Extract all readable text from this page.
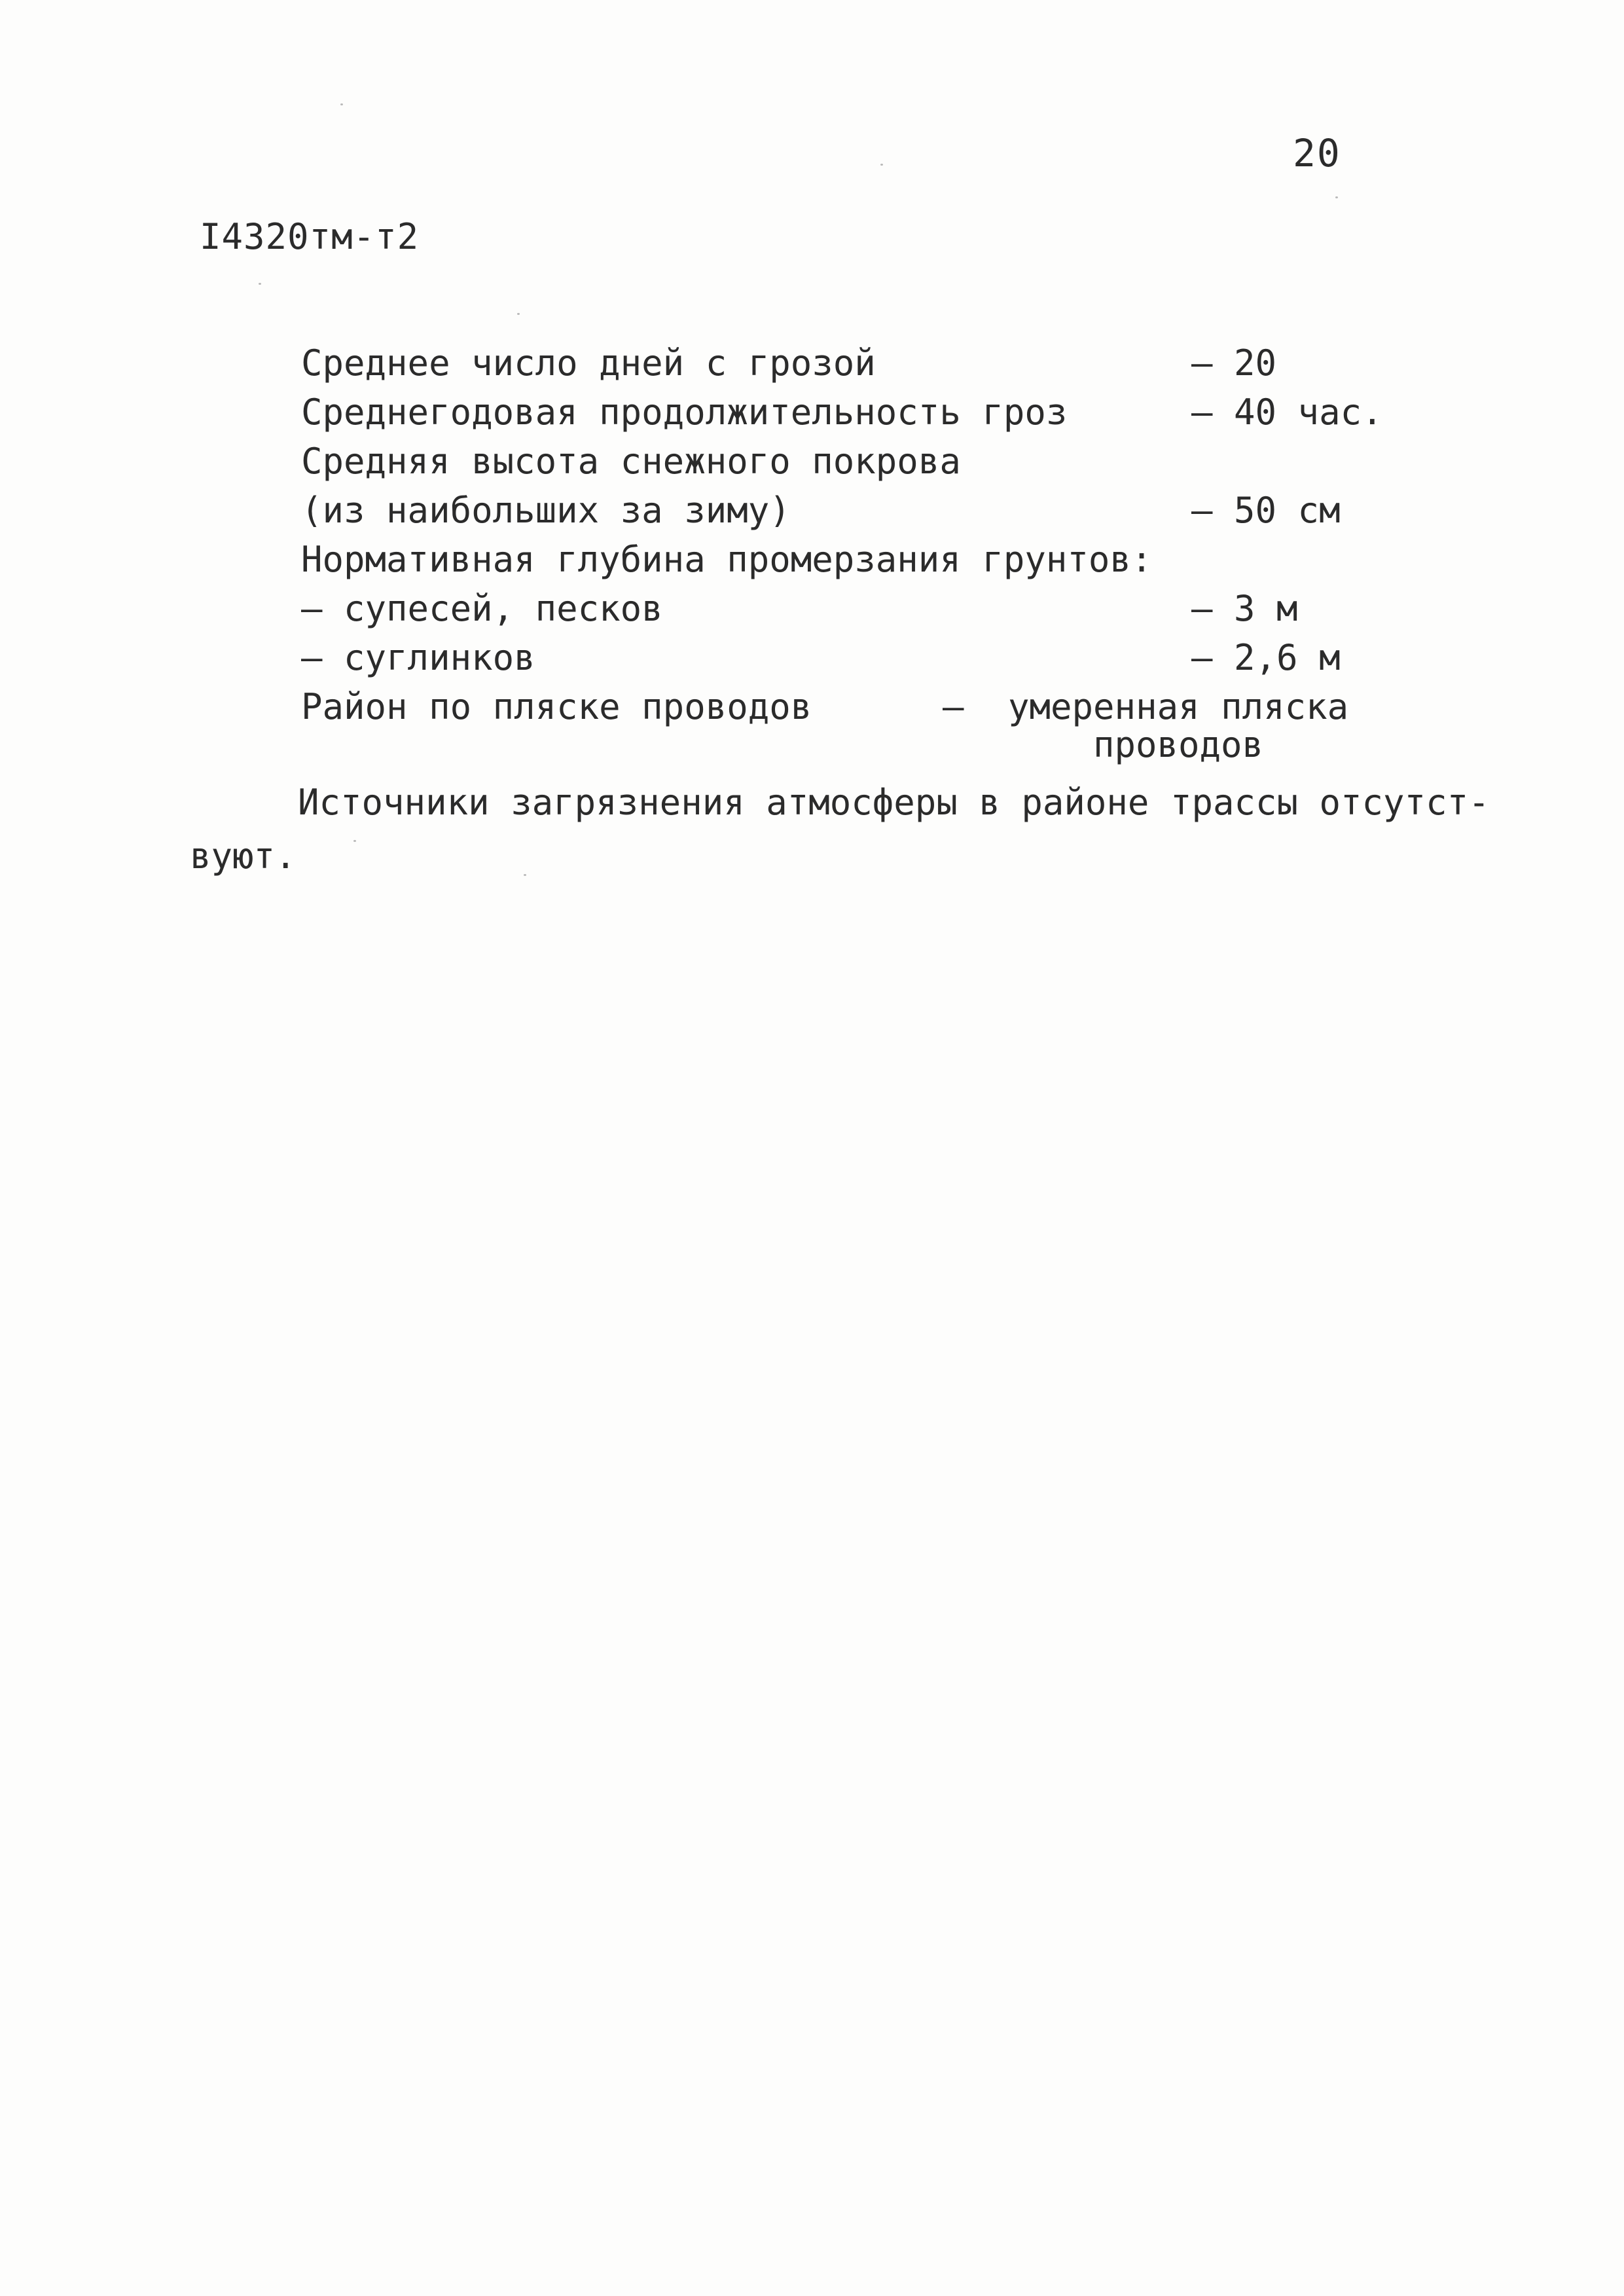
20
I4320тм-т2
Среднее число дней с грозой	– 20
Среднегодовая продолжительность гроз	– 40 час.
Средняя высота снежного покрова
(из наибольших за зиму)	– 50 см
Нормативная глубина промерзания грунтов:
– супесей, песков	– 3 м
– суглинков	– 2,6 м
Район по пляске проводов	– умеренная пляска
проводов
Источники загрязнения атмосферы в районе трассы отсутст-
вуют.
